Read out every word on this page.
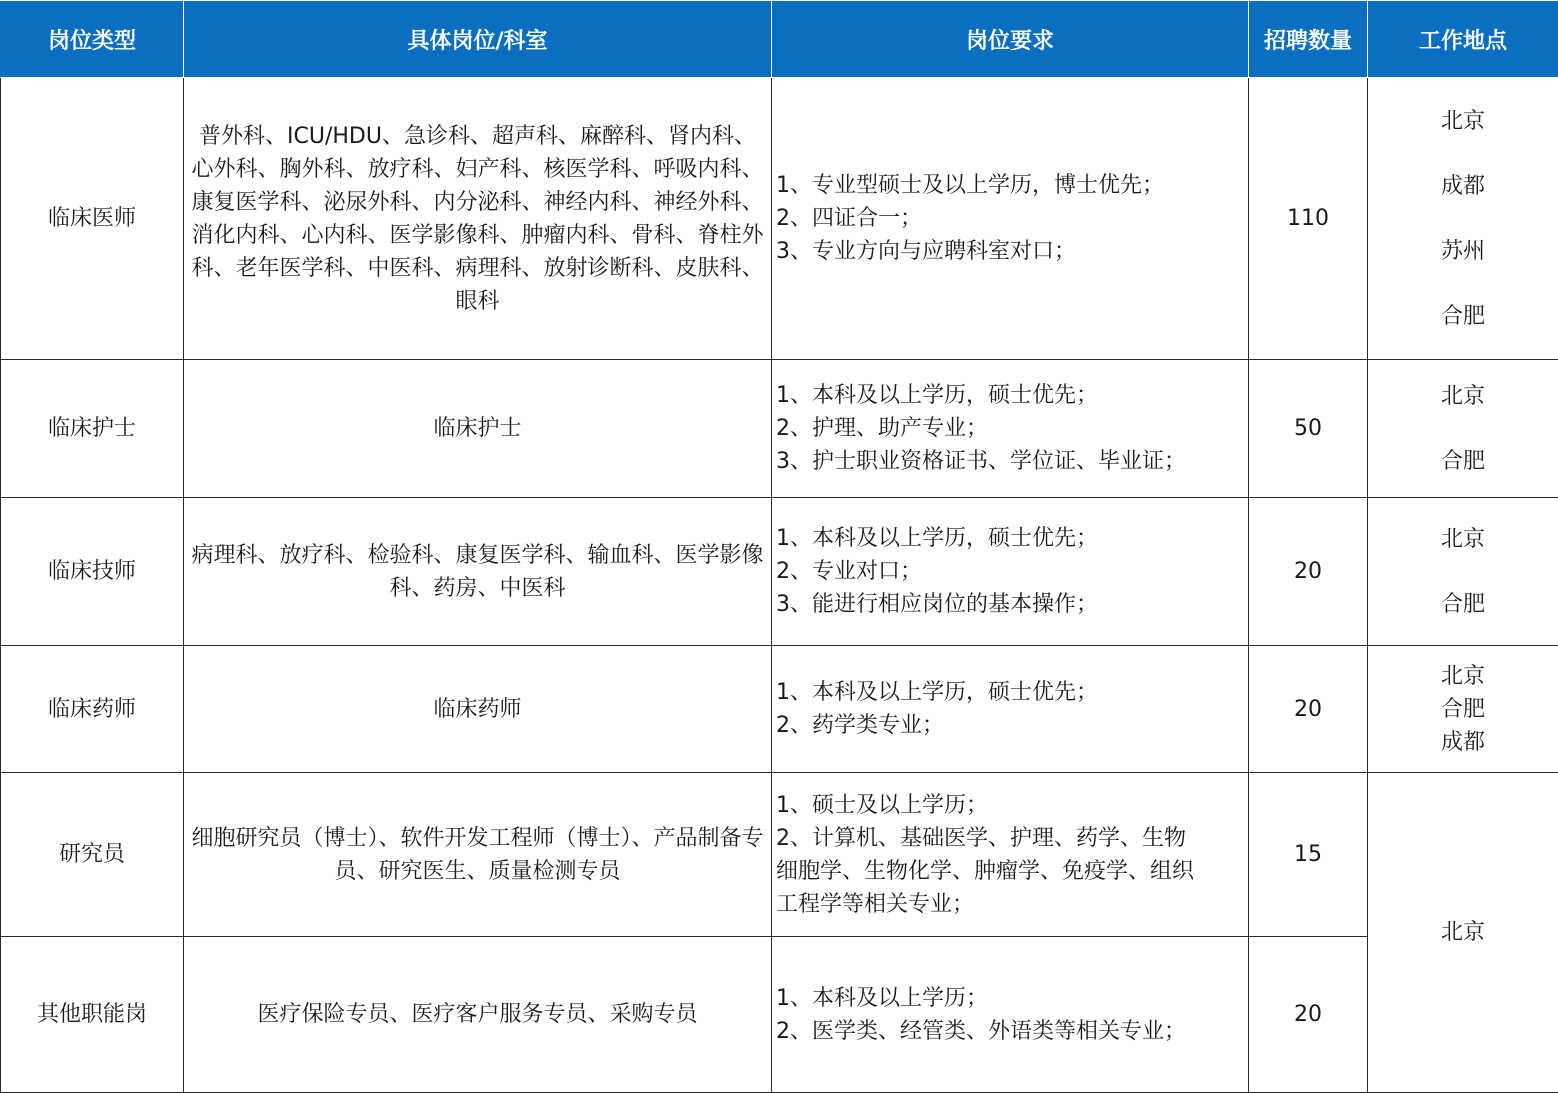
岗位类型	具体岗位/科室	岗位要求	招聘数量	工作地点
临床医师	普外科、ICU/HDU、急诊科、超声科、麻醉科、肾内科、心外科、胸外科、放疗科、妇产科、核医学科、呼吸内科、康复医学科、泌尿外科、内分泌科、神经内科、神经外科、消化内科、心内科、医学影像科、肿瘤内科、骨科、脊柱外科、老年医学科、中医科、病理科、放射诊断科、皮肤科、眼科	1、专业型硕士及以上学历，博士优先；
2、四证合一；
3、专业方向与应聘科室对口；	110	北京
成都
苏州
合肥

临床护士	临床护士	1、本科及以上学历，硕士优先；
2、护理、助产专业；
3、护士职业资格证书、学位证、毕业证；	50	北京
合肥

临床技师	病理科、放疗科、检验科、康复医学科、输血科、医学影像科、药房、中医科	1、本科及以上学历，硕士优先；
2、专业对口；
3、能进行相应岗位的基本操作；	20	北京
合肥

临床药师	临床药师	1、本科及以上学历，硕士优先；
2、药学类专业；	20	北京
合肥
成都

研究员	细胞研究员（博士）、软件开发工程师（博士）、产品制备专员、研究医生、质量检测专员	1、硕士及以上学历；
2、计算机、基础医学、护理、药学、生物
细胞学、生物化学、肿瘤学、免疫学、组织
工程学等相关专业；	15	北京

其他职能岗	医疗保险专员、医疗客户服务专员、采购专员	1、本科及以上学历；
2、医学类、经管类、外语类等相关专业；	20	
